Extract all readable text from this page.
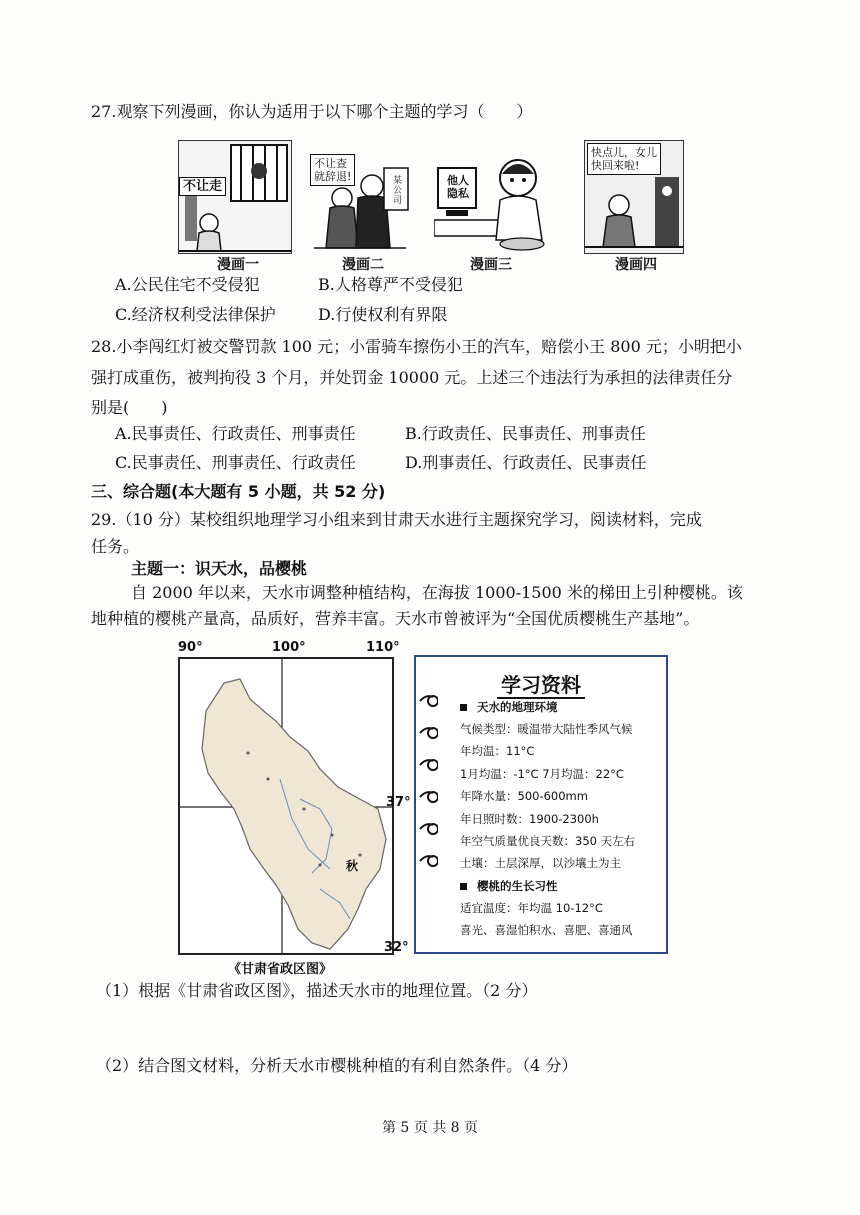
27.观察下列漫画，你认为适用于以下哪个主题的学习（　　）
不让走
漫画一
不让查
就辞退!	某公司
漫画二
他人
隐私
漫画三
快点儿，女儿
快回来啦!
漫画四
A.公民住宅不受侵犯	B.人格尊严不受侵犯
C.经济权利受法律保护	D.行使权利有界限
28.小李闯红灯被交警罚款 100 元；小雷骑车擦伤小王的汽车，赔偿小王 800 元；小明把小
强打成重伤，被判拘役 3 个月，并处罚金 10000 元。上述三个违法行为承担的法律责任分
别是(　　)
A.民事责任、行政责任、刑事责任	B.行政责任、民事责任、刑事责任
C.民事责任、刑事责任、行政责任	D.刑事责任、行政责任、民事责任
三、综合题(本大题有 5 小题，共 52 分)
29.（10 分）某校组织地理学习小组来到甘肃天水进行主题探究学习，阅读材料，完成
任务。
主题一：识天水，品樱桃
自 2000 年以来，天水市调整种植结构，在海拔 1000-1500 米的梯田上引种樱桃。该
地种植的樱桃产量高，品质好，营养丰富。天水市曾被评为“全国优质樱桃生产基地”。
90°	100°	110°
秋
37°
32°
《甘肃省政区图》
学习资料
天水的地理环境
气候类型：暖温带大陆性季风气候
年均温：11°C
1月均温：-1°C 7月均温：22°C
年降水量：500-600mm
年日照时数：1900-2300h
年空气质量优良天数：350 天左右
土壤：土层深厚，以沙壤土为主
樱桃的生长习性
适宜温度：年均温 10-12°C
喜光、喜湿怕积水、喜肥、喜通风
（1）根据《甘肃省政区图》，描述天水市的地理位置。（2 分）
（2）结合图文材料，分析天水市樱桃种植的有利自然条件。（4 分）
第 5 页 共 8 页
